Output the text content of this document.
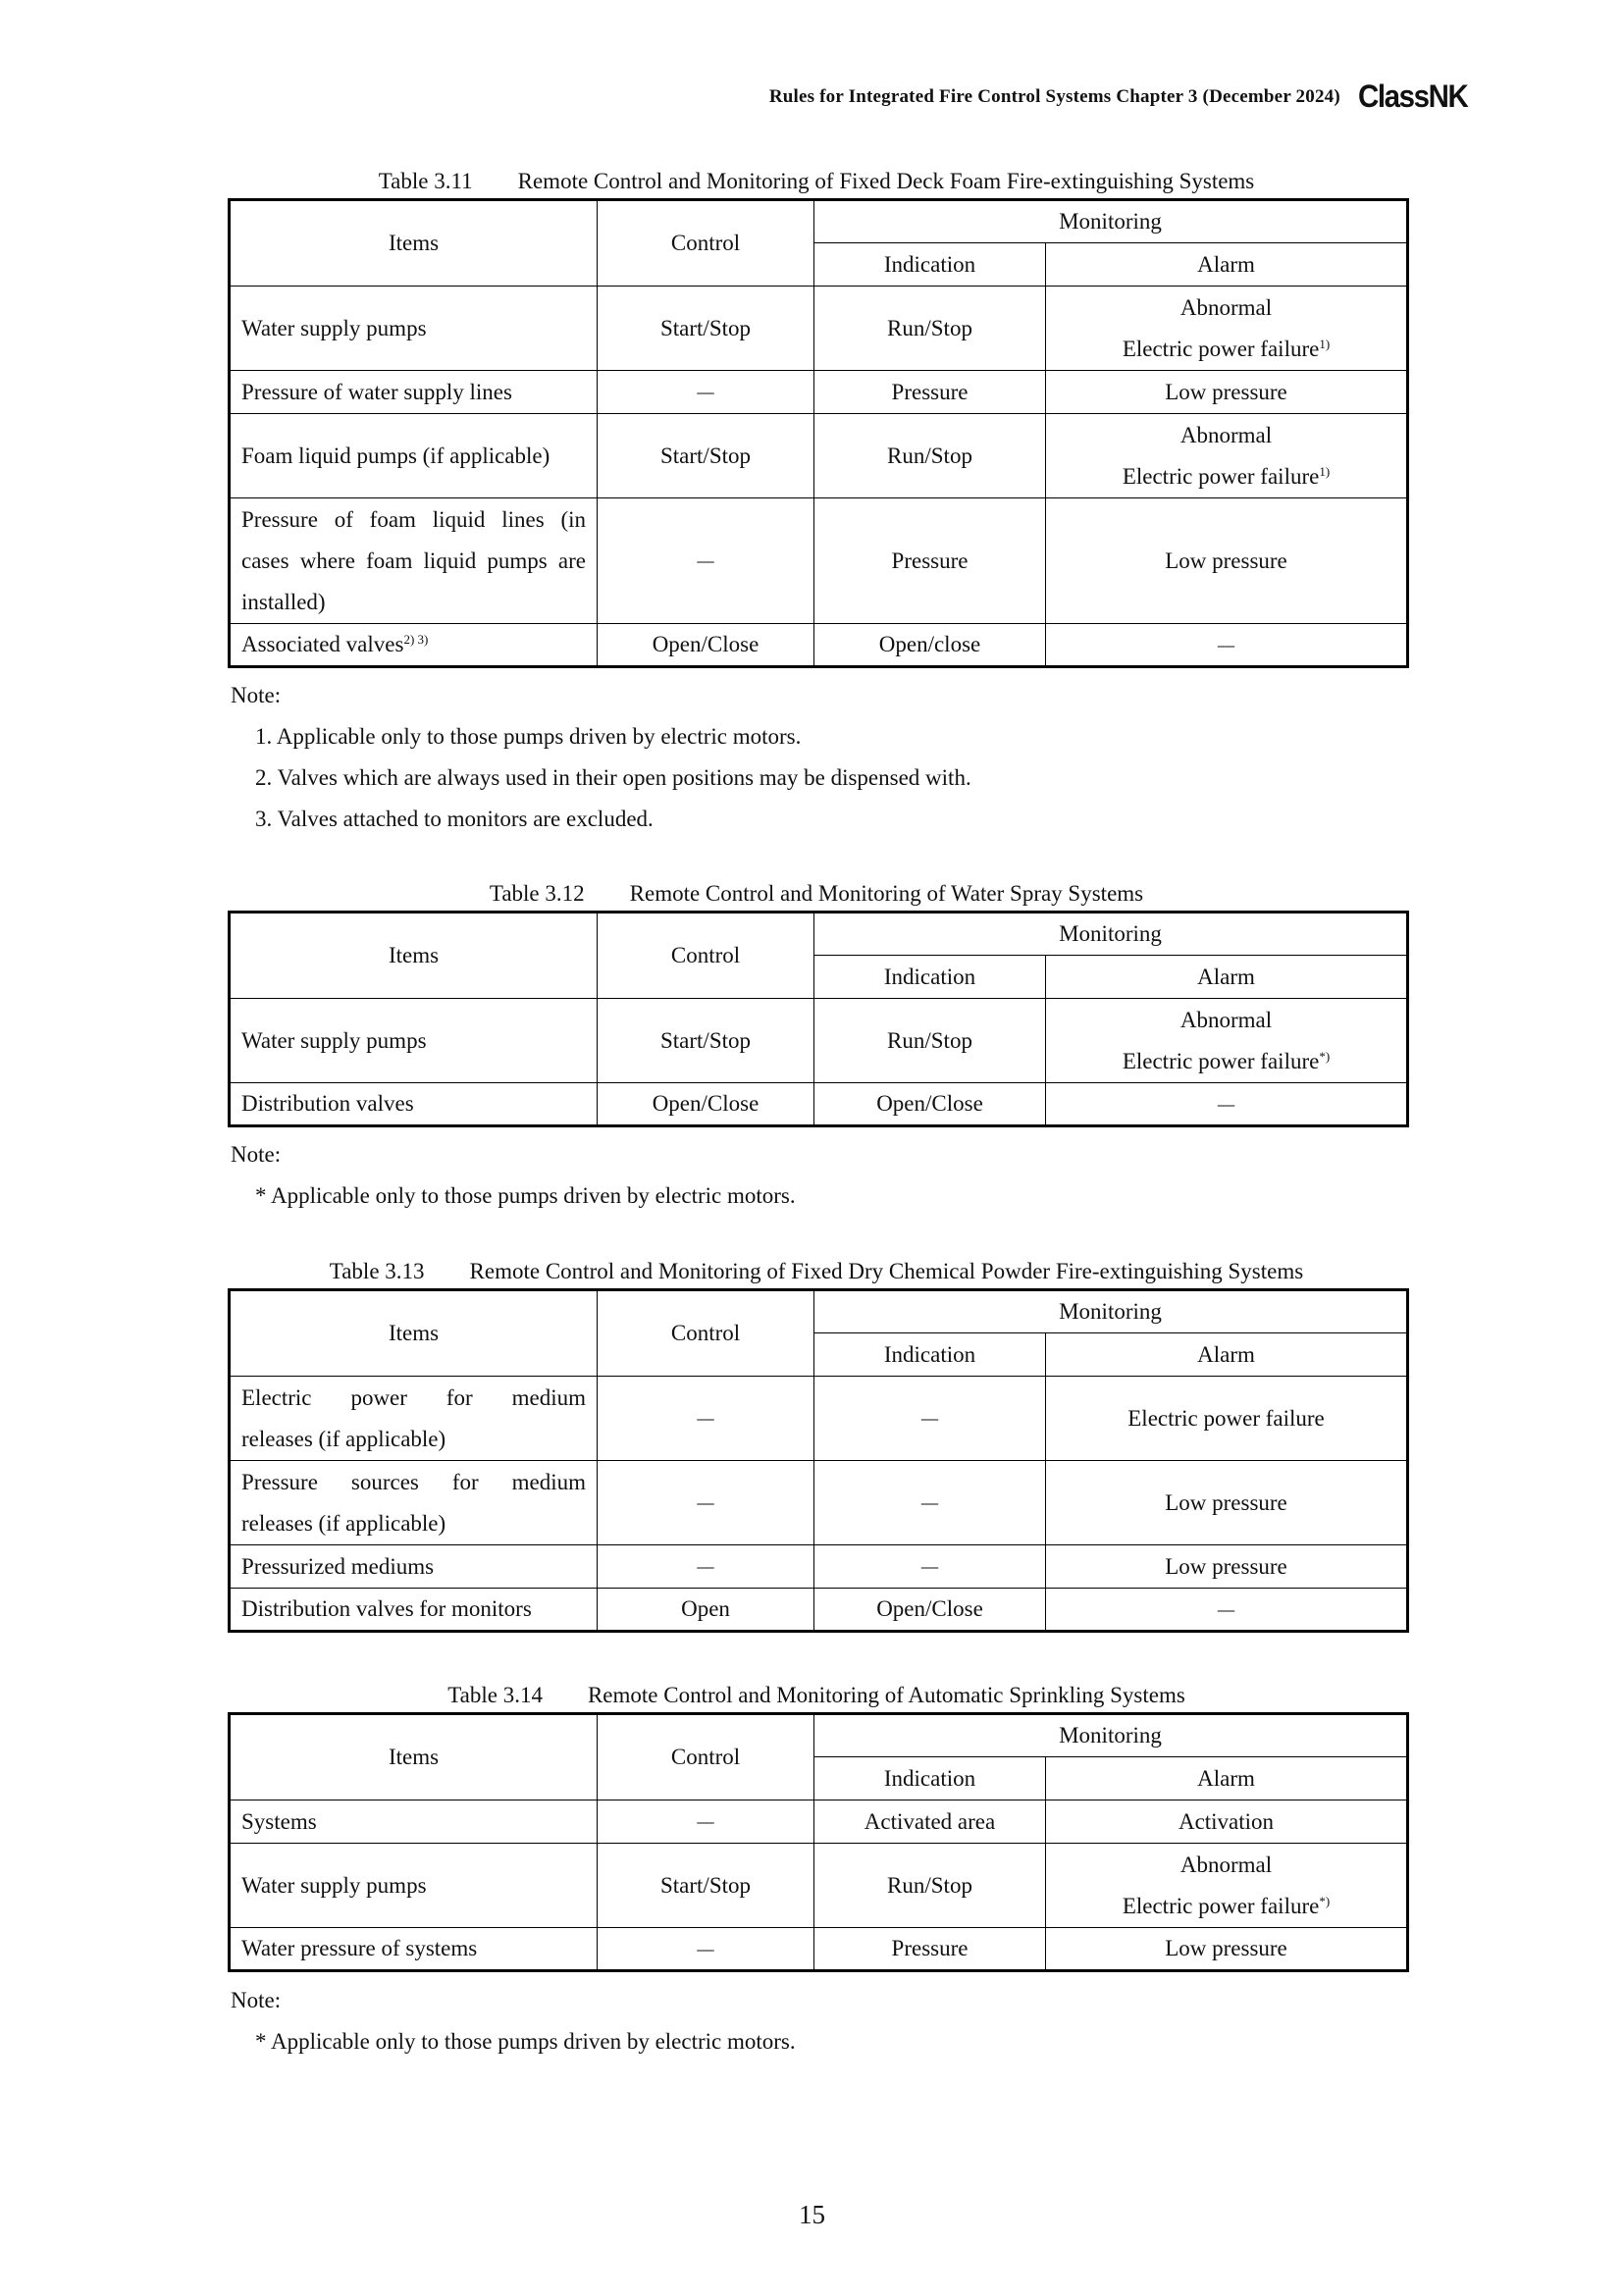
Rules for Integrated Fire Control Systems Chapter 3 (December 2024) ClassNK
Table 3.11 Remote Control and Monitoring of Fixed Deck Foam Fire-extinguishing Systems
Items	Control	Monitoring	
		Indication	Alarm
Water supply pumps	Start/Stop	Run/Stop	Abnormal
Electric power failure$^{1)}$

Pressure of water supply lines	－	Pressure	Low pressure
Foam liquid pumps (if applicable)	Start/Stop	Run/Stop	Abnormal
Electric power failure$^{1)}$

Pressure of foam liquid lines (in
cases where foam liquid pumps are
installed)	－	Pressure	Low pressure
Associated valves$^{2) 3)}$	Open/Close	Open/close	－
Note:
1. Applicable only to those pumps driven by electric motors.
2. Valves which are always used in their open positions may be dispensed with.
3. Valves attached to monitors are excluded.
Table 3.12 Remote Control and Monitoring of Water Spray Systems
Items	Control	Monitoring	
		Indication	Alarm
Water supply pumps	Start/Stop	Run/Stop	Abnormal
Electric power failure*)

Distribution valves	Open/Close	Open/Close	－
Note:
* Applicable only to those pumps driven by electric motors.
Table 3.13 Remote Control and Monitoring of Fixed Dry Chemical Powder Fire-extinguishing Systems
Items	Control	Monitoring	
		Indication	Alarm

Electric power for medium
releases (if applicable)	－	－	Electric power failure

Pressure sources for medium
releases (if applicable)	－	－	Low pressure
Pressurized mediums	－	－	Low pressure
Distribution valves for monitors	Open	Open/Close	－
Table 3.14 Remote Control and Monitoring of Automatic Sprinkling Systems
Items	Control	Monitoring	
		Indication	Alarm
Systems	－	Activated area	Activation
Water supply pumps	Start/Stop	Run/Stop	Abnormal
Electric power failure*)

Water pressure of systems	－	Pressure	Low pressure
Note:
* Applicable only to those pumps driven by electric motors.
15
